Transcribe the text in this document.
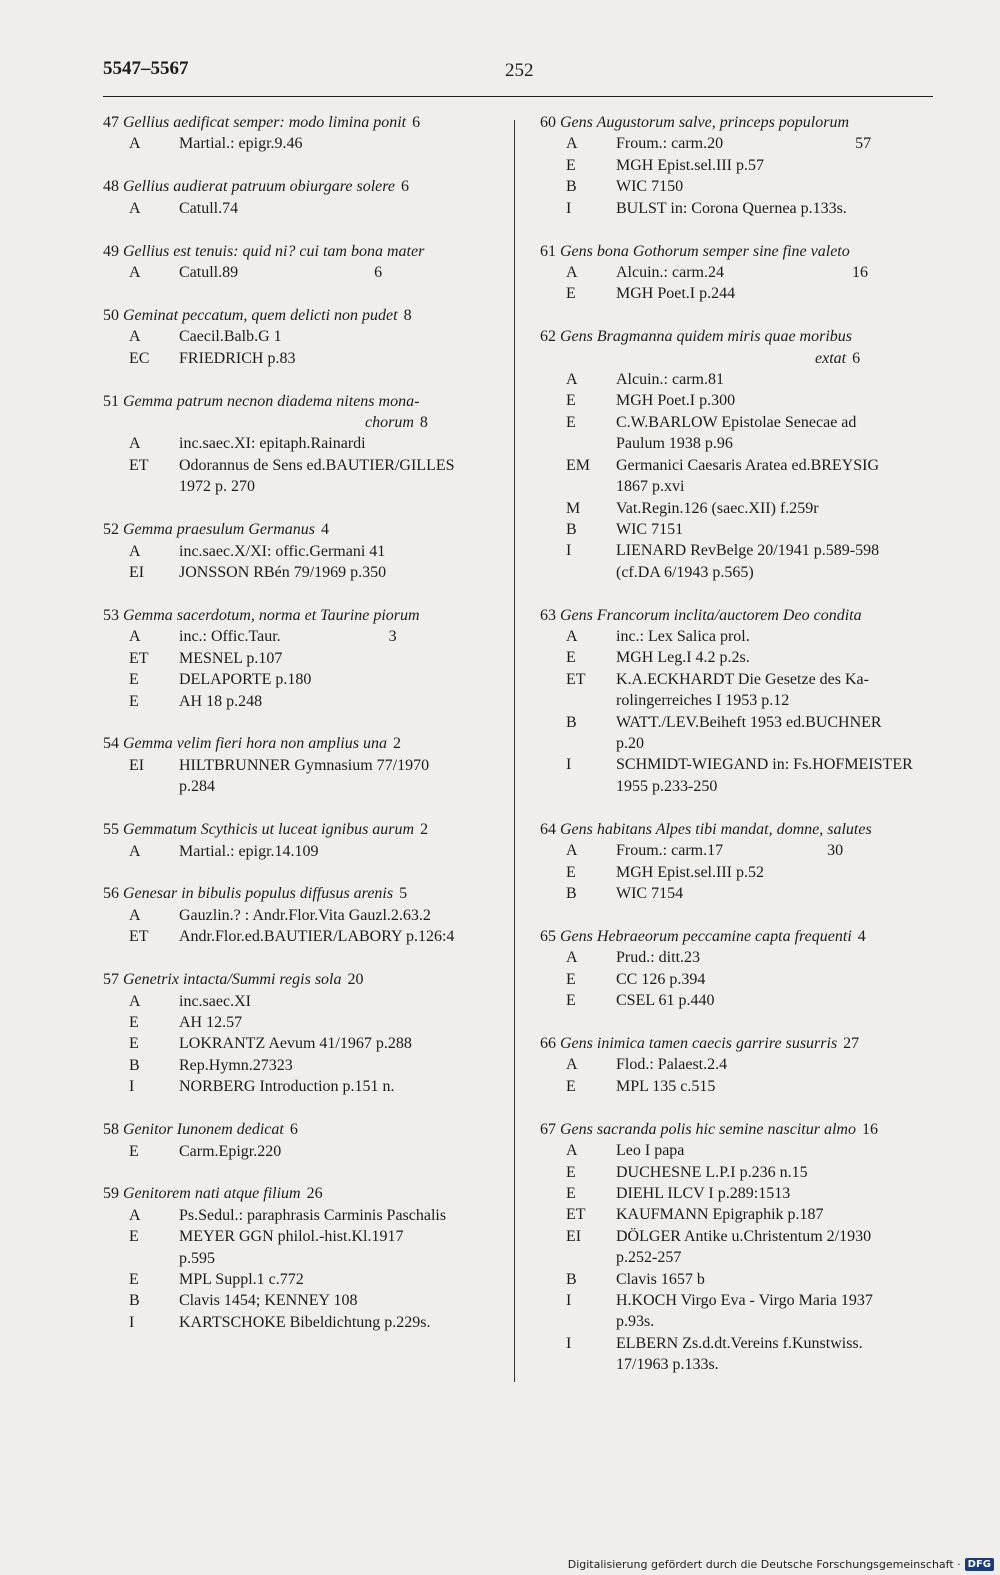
5547–5567	252
47 Gellius aedificat semper: modo limina ponit 6
A	Martial.: epigr.9.46
48 Gellius audierat patruum obiurgare solere 6
A	Catull.74
49 Gellius est tenuis: quid ni? cui tam bona mater
A	Catull.89                                  6
50 Geminat peccatum, quem delicti non pudet 8
A	Caecil.Balb.G 1
EC	FRIEDRICH p.83
51 Gemma patrum necnon diadema nitens mona-
chorum 8
A	inc.saec.XI: epitaph.Rainardi
ET	Odorannus de Sens ed.BAUTIER/GILLES
1972 p. 270
52 Gemma praesulum Germanus 4
A	inc.saec.X/XI: offic.Germani 41
EI	JONSSON RBén 79/1969 p.350
53 Gemma sacerdotum, norma et Taurine piorum
A	inc.: Offic.Taur.                           3
ET	MESNEL p.107
E	DELAPORTE p.180
E	AH 18 p.248
54 Gemma velim fieri hora non amplius una 2
EI	HILTBRUNNER Gymnasium 77/1970
p.284
55 Gemmatum Scythicis ut luceat ignibus aurum 2
A	Martial.: epigr.14.109
56 Genesar in bibulis populus diffusus arenis 5
A	Gauzlin.? : Andr.Flor.Vita Gauzl.2.63.2
ET	Andr.Flor.ed.BAUTIER/LABORY p.126:4
57 Genetrix intacta/Summi regis sola 20
A	inc.saec.XI
E	AH 12.57
E	LOKRANTZ Aevum 41/1967 p.288
B	Rep.Hymn.27323
I	NORBERG Introduction p.151 n.
58 Genitor Iunonem dedicat 6
E	Carm.Epigr.220
59 Genitorem nati atque filium 26
A	Ps.Sedul.: paraphrasis Carminis Paschalis
E	MEYER GGN philol.-hist.Kl.1917
p.595
E	MPL Suppl.1 c.772
B	Clavis 1454; KENNEY 108
I	KARTSCHOKE Bibeldichtung p.229s.
60 Gens Augustorum salve, princeps populorum
A	Froum.: carm.20                                 57
E	MGH Epist.sel.III p.57
B	WIC 7150
I	BULST in: Corona Quernea p.133s.
61 Gens bona Gothorum semper sine fine valeto
A	Alcuin.: carm.24                                16
E	MGH Poet.I p.244
62 Gens Bragmanna quidem miris quae moribus
extat 6
A	Alcuin.: carm.81
E	MGH Poet.I p.300
E	C.W.BARLOW Epistolae Senecae ad
Paulum 1938 p.96
EM	Germanici Caesaris Aratea ed.BREYSIG
1867 p.xvi
M	Vat.Regin.126 (saec.XII) f.259r
B	WIC 7151
I	LIENARD RevBelge 20/1941 p.589-598
(cf.DA 6/1943 p.565)
63 Gens Francorum inclita/auctorem Deo condita
A	inc.: Lex Salica prol.
E	MGH Leg.I 4.2 p.2s.
ET	K.A.ECKHARDT Die Gesetze des Ka-
rolingerreiches I 1953 p.12
B	WATT./LEV.Beiheft 1953 ed.BUCHNER
p.20
I	SCHMIDT-WIEGAND in: Fs.HOFMEISTER
1955 p.233-250
64 Gens habitans Alpes tibi mandat, domne, salutes
A	Froum.: carm.17                          30
E	MGH Epist.sel.III p.52
B	WIC 7154
65 Gens Hebraeorum peccamine capta frequenti 4
A	Prud.: ditt.23
E	CC 126 p.394
E	CSEL 61 p.440
66 Gens inimica tamen caecis garrire susurris 27
A	Flod.: Palaest.2.4
E	MPL 135 c.515
67 Gens sacranda polis hic semine nascitur almo 16
A	Leo I papa
E	DUCHESNE L.P.I p.236 n.15
E	DIEHL ILCV I p.289:1513
ET	KAUFMANN Epigraphik p.187
EI	DÖLGER Antike u.Christentum 2/1930
p.252-257
B	Clavis 1657 b
I	H.KOCH Virgo Eva - Virgo Maria 1937
p.93s.
I	ELBERN Zs.d.dt.Vereins f.Kunstwiss.
17/1963 p.133s.
Digitalisierung gefördert durch die Deutsche Forschungsgemeinschaft · DFG
